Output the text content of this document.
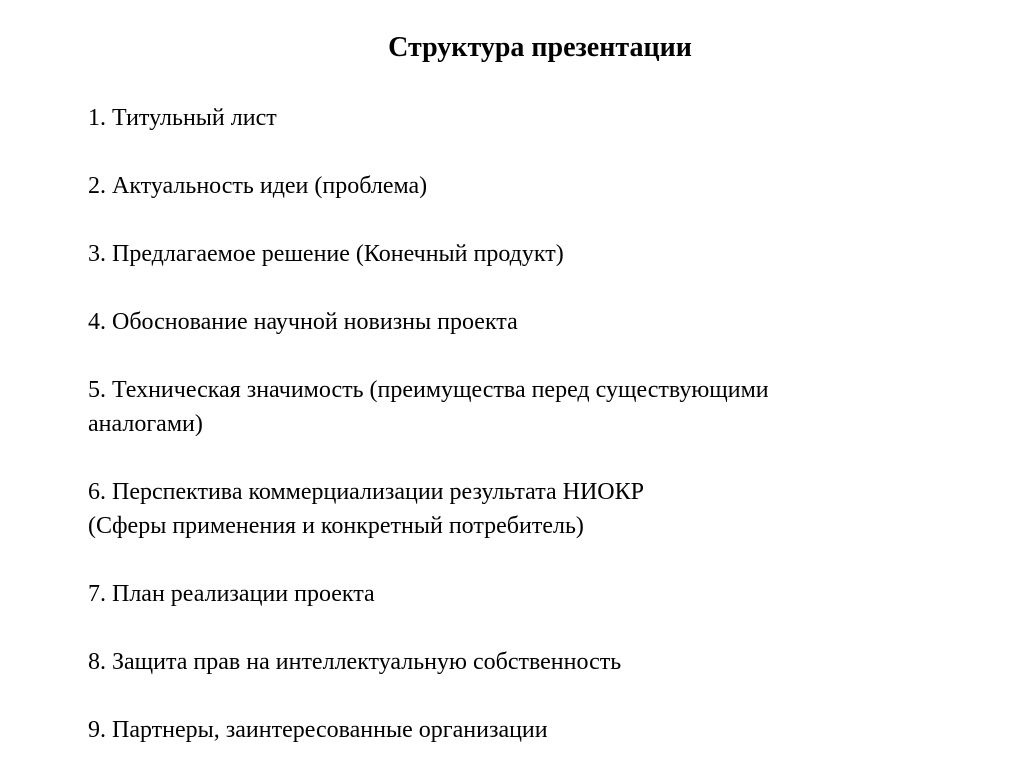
Структура презентации
1. Титульный лист
2. Актуальность идеи (проблема)
3. Предлагаемое решение (Конечный продукт)
4. Обоснование научной новизны проекта
5. Техническая значимость (преимущества перед существующими
аналогами)
6. Перспектива коммерциализации результата НИОКР
(Сферы применения и конкретный потребитель)
7. План реализации проекта
8. Защита прав на интеллектуальную собственность
9. Партнеры, заинтересованные организации
